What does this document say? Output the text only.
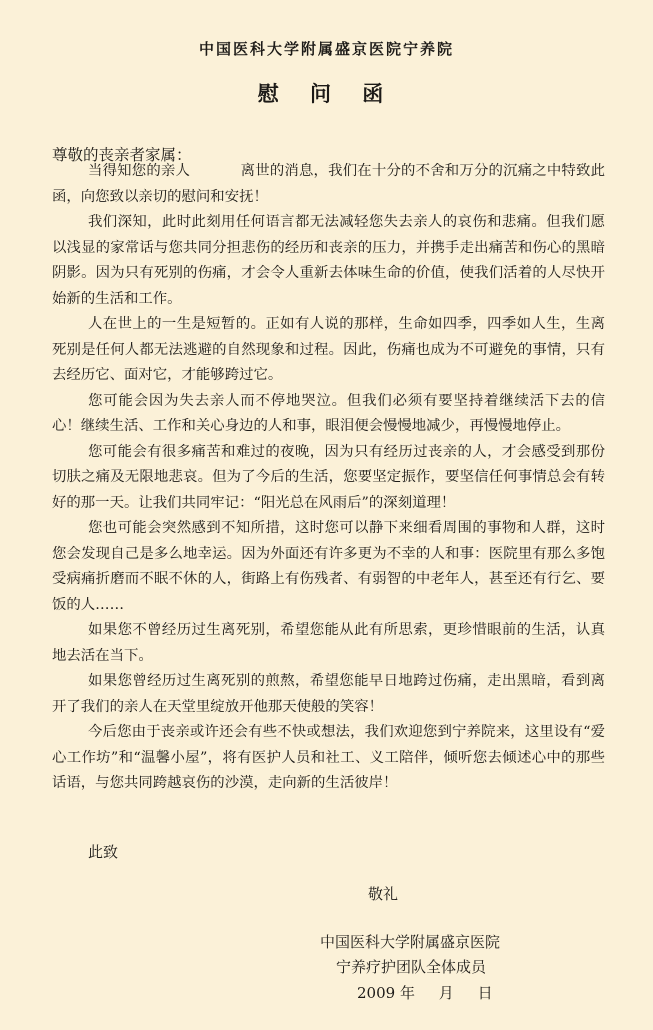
中国医科大学附属盛京医院宁养院
慰 问 函
尊敬的丧亲者家属：

当得知您的亲人	离世的消息，我们在十分的不舍和万分的沉痛之中特致此函，向您致以亲切的慰问和安抚！

我们深知，此时此刻用任何语言都无法减轻您失去亲人的哀伤和悲痛。但我们愿以浅显的家常话与您共同分担悲伤的经历和丧亲的压力，并携手走出痛苦和伤心的黑暗阴影。因为只有死别的伤痛，才会令人重新去体味生命的价值，使我们活着的人尽快开始新的生活和工作。

人在世上的一生是短暂的。正如有人说的那样，生命如四季，四季如人生，生离死别是任何人都无法逃避的自然现象和过程。因此，伤痛也成为不可避免的事情，只有去经历它、面对它，才能够跨过它。

您可能会因为失去亲人而不停地哭泣。但我们必须有要坚持着继续活下去的信心！继续生活、工作和关心身边的人和事，眼泪便会慢慢地减少，再慢慢地停止。

您可能会有很多痛苦和难过的夜晚，因为只有经历过丧亲的人，才会感受到那份切肤之痛及无限地悲哀。但为了今后的生活，您要坚定振作，要坚信任何事情总会有转好的那一天。让我们共同牢记：“阳光总在风雨后”的深刻道理！

您也可能会突然感到不知所措，这时您可以静下来细看周围的事物和人群，这时您会发现自己是多么地幸运。因为外面还有许多更为不幸的人和事：医院里有那么多饱受病痛折磨而不眠不休的人，街路上有伤残者、有弱智的中老年人，甚至还有行乞、要饭的人……

如果您不曾经历过生离死别，希望您能从此有所思索，更珍惜眼前的生活，认真地去活在当下。

如果您曾经历过生离死别的煎熬，希望您能早日地跨过伤痛，走出黑暗，看到离开了我们的亲人在天堂里绽放开他那天使般的笑容！

今后您由于丧亲或许还会有些不快或想法，我们欢迎您到宁养院来，这里设有“爱心工作坊”和“温馨小屋”，将有医护人员和社工、义工陪伴，倾听您去倾述心中的那些话语，与您共同跨越哀伤的沙漠，走向新的生活彼岸！

此致
敬礼
中国医科大学附属盛京医院
宁养疗护团队全体成员
2009 年     月     日
